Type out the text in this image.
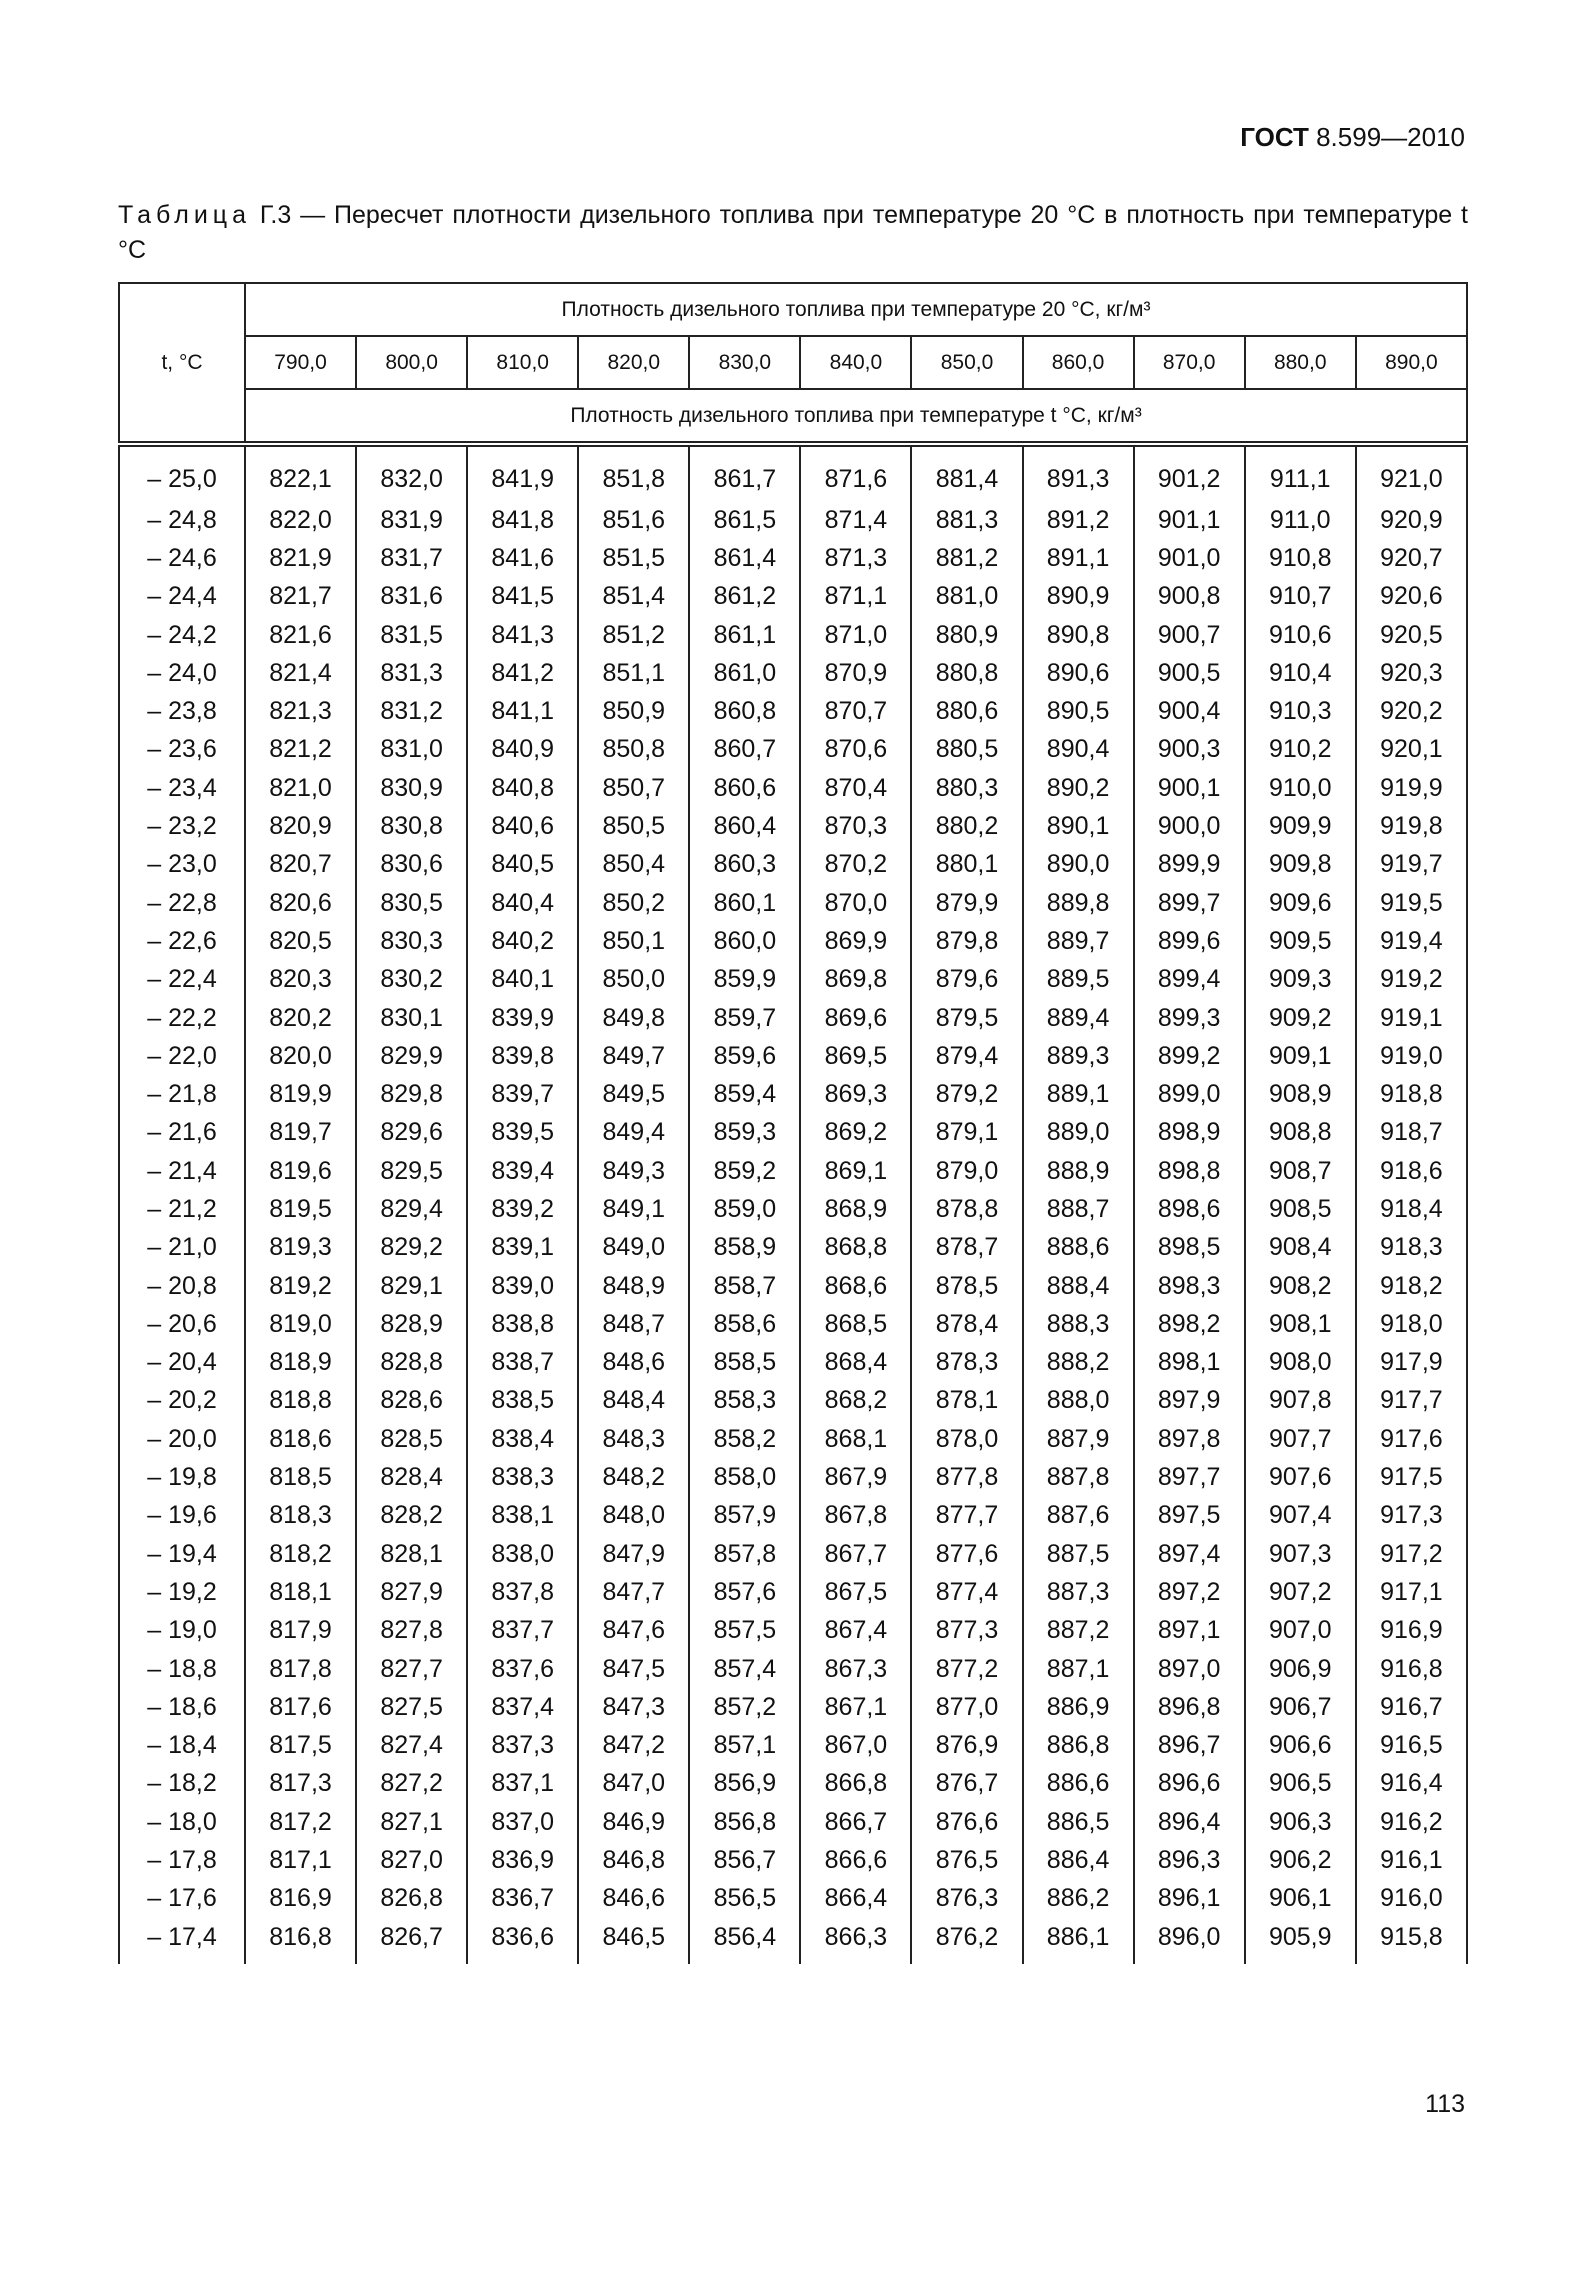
ГОСТ 8.599—2010
Таблица Г.3 — Пересчет плотности дизельного топлива при температуре 20 °С в плотность при температуре t °С
t, °С	Плотность дизельного топлива при температуре 20 °С, кг/м³										
	790,0	800,0	810,0	820,0	830,0	840,0	850,0	860,0	870,0	880,0	890,0
	Плотность дизельного топлива при температуре t °С, кг/м³										
– 25,0	822,1	832,0	841,9	851,8	861,7	871,6	881,4	891,3	901,2	911,1	921,0
– 24,8	822,0	831,9	841,8	851,6	861,5	871,4	881,3	891,2	901,1	911,0	920,9
– 24,6	821,9	831,7	841,6	851,5	861,4	871,3	881,2	891,1	901,0	910,8	920,7
– 24,4	821,7	831,6	841,5	851,4	861,2	871,1	881,0	890,9	900,8	910,7	920,6
– 24,2	821,6	831,5	841,3	851,2	861,1	871,0	880,9	890,8	900,7	910,6	920,5
– 24,0	821,4	831,3	841,2	851,1	861,0	870,9	880,8	890,6	900,5	910,4	920,3
– 23,8	821,3	831,2	841,1	850,9	860,8	870,7	880,6	890,5	900,4	910,3	920,2
– 23,6	821,2	831,0	840,9	850,8	860,7	870,6	880,5	890,4	900,3	910,2	920,1
– 23,4	821,0	830,9	840,8	850,7	860,6	870,4	880,3	890,2	900,1	910,0	919,9
– 23,2	820,9	830,8	840,6	850,5	860,4	870,3	880,2	890,1	900,0	909,9	919,8
– 23,0	820,7	830,6	840,5	850,4	860,3	870,2	880,1	890,0	899,9	909,8	919,7
– 22,8	820,6	830,5	840,4	850,2	860,1	870,0	879,9	889,8	899,7	909,6	919,5
– 22,6	820,5	830,3	840,2	850,1	860,0	869,9	879,8	889,7	899,6	909,5	919,4
– 22,4	820,3	830,2	840,1	850,0	859,9	869,8	879,6	889,5	899,4	909,3	919,2
– 22,2	820,2	830,1	839,9	849,8	859,7	869,6	879,5	889,4	899,3	909,2	919,1
– 22,0	820,0	829,9	839,8	849,7	859,6	869,5	879,4	889,3	899,2	909,1	919,0
– 21,8	819,9	829,8	839,7	849,5	859,4	869,3	879,2	889,1	899,0	908,9	918,8
– 21,6	819,7	829,6	839,5	849,4	859,3	869,2	879,1	889,0	898,9	908,8	918,7
– 21,4	819,6	829,5	839,4	849,3	859,2	869,1	879,0	888,9	898,8	908,7	918,6
– 21,2	819,5	829,4	839,2	849,1	859,0	868,9	878,8	888,7	898,6	908,5	918,4
– 21,0	819,3	829,2	839,1	849,0	858,9	868,8	878,7	888,6	898,5	908,4	918,3
– 20,8	819,2	829,1	839,0	848,9	858,7	868,6	878,5	888,4	898,3	908,2	918,2
– 20,6	819,0	828,9	838,8	848,7	858,6	868,5	878,4	888,3	898,2	908,1	918,0
– 20,4	818,9	828,8	838,7	848,6	858,5	868,4	878,3	888,2	898,1	908,0	917,9
– 20,2	818,8	828,6	838,5	848,4	858,3	868,2	878,1	888,0	897,9	907,8	917,7
– 20,0	818,6	828,5	838,4	848,3	858,2	868,1	878,0	887,9	897,8	907,7	917,6
– 19,8	818,5	828,4	838,3	848,2	858,0	867,9	877,8	887,8	897,7	907,6	917,5
– 19,6	818,3	828,2	838,1	848,0	857,9	867,8	877,7	887,6	897,5	907,4	917,3
– 19,4	818,2	828,1	838,0	847,9	857,8	867,7	877,6	887,5	897,4	907,3	917,2
– 19,2	818,1	827,9	837,8	847,7	857,6	867,5	877,4	887,3	897,2	907,2	917,1
– 19,0	817,9	827,8	837,7	847,6	857,5	867,4	877,3	887,2	897,1	907,0	916,9
– 18,8	817,8	827,7	837,6	847,5	857,4	867,3	877,2	887,1	897,0	906,9	916,8
– 18,6	817,6	827,5	837,4	847,3	857,2	867,1	877,0	886,9	896,8	906,7	916,7
– 18,4	817,5	827,4	837,3	847,2	857,1	867,0	876,9	886,8	896,7	906,6	916,5
– 18,2	817,3	827,2	837,1	847,0	856,9	866,8	876,7	886,6	896,6	906,5	916,4
– 18,0	817,2	827,1	837,0	846,9	856,8	866,7	876,6	886,5	896,4	906,3	916,2
– 17,8	817,1	827,0	836,9	846,8	856,7	866,6	876,5	886,4	896,3	906,2	916,1
– 17,6	816,9	826,8	836,7	846,6	856,5	866,4	876,3	886,2	896,1	906,1	916,0
– 17,4	816,8	826,7	836,6	846,5	856,4	866,3	876,2	886,1	896,0	905,9	915,8
113
